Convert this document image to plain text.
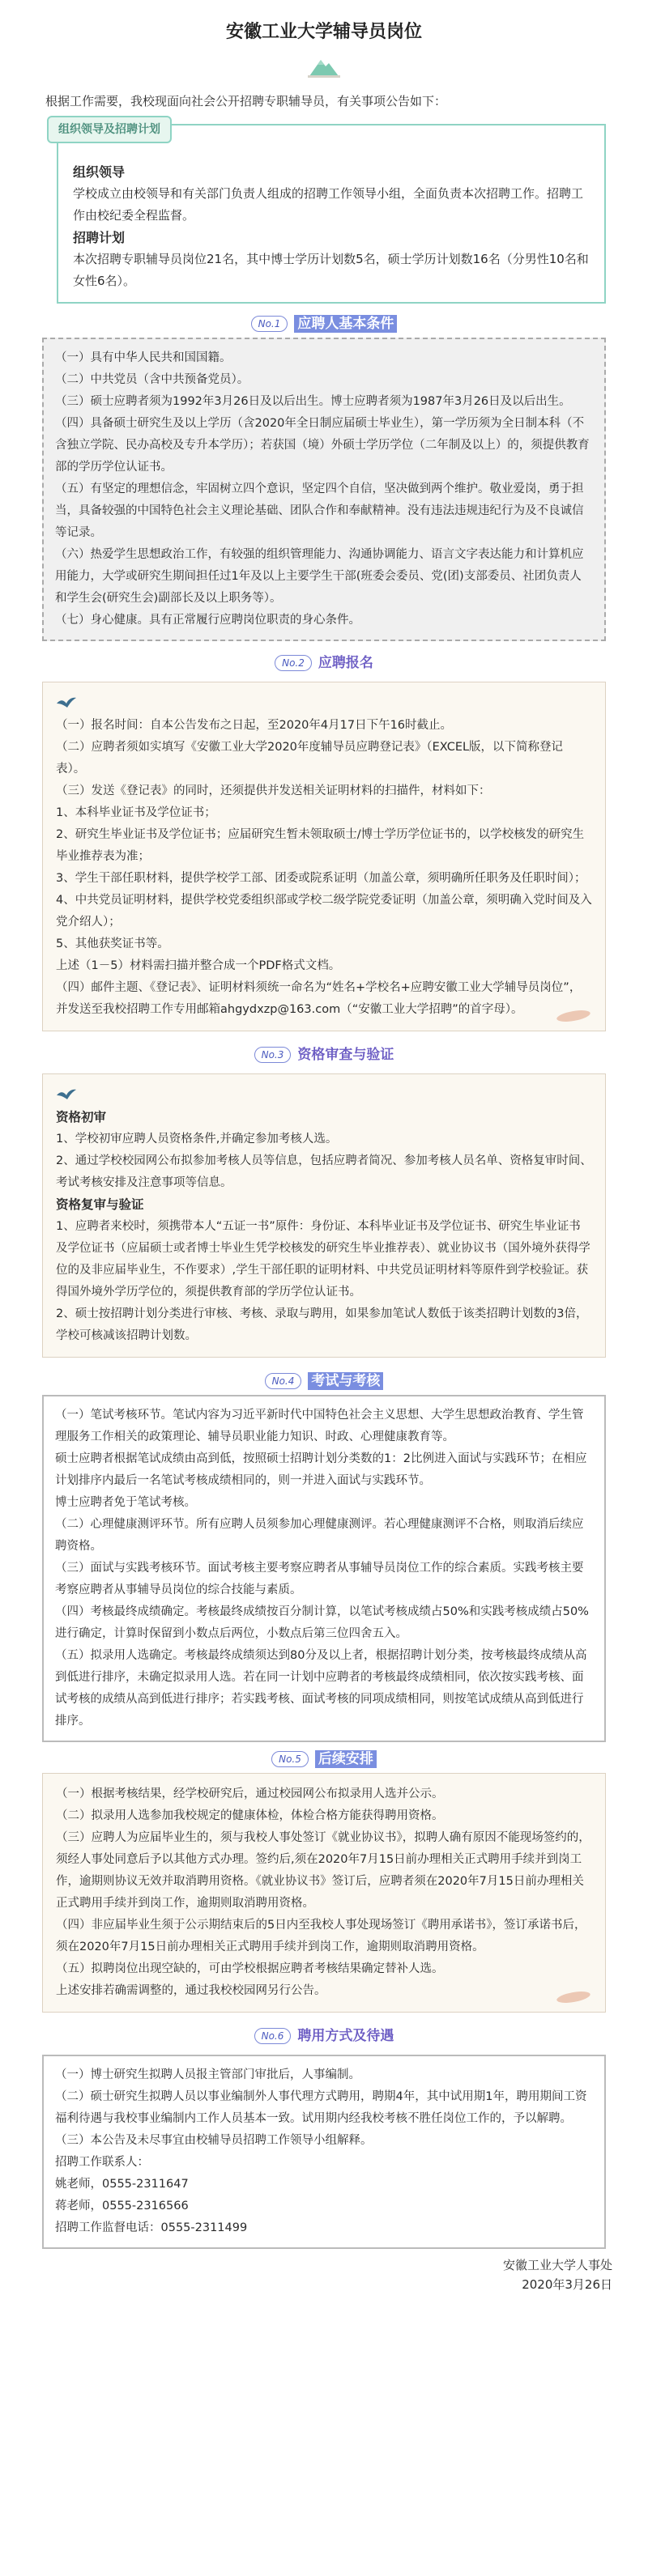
安徽工业大学辅导员岗位
根据工作需要，我校现面向社会公开招聘专职辅导员，有关事项公告如下：
组织领导及招聘计划
组织领导
学校成立由校领导和有关部门负责人组成的招聘工作领导小组，全面负责本次招聘工作。招聘工作由校纪委全程监督。
招聘计划
本次招聘专职辅导员岗位21名，其中博士学历计划数5名，硕士学历计划数16名（分男性10名和女性6名）。
No.1	应聘人基本条件
（一）具有中华人民共和国国籍。
（二）中共党员（含中共预备党员）。
（三）硕士应聘者须为1992年3月26日及以后出生。博士应聘者须为1987年3月26日及以后出生。
（四）具备硕士研究生及以上学历（含2020年全日制应届硕士毕业生），第一学历须为全日制本科（不含独立学院、民办高校及专升本学历）；若获国（境）外硕士学历学位（二年制及以上）的，须提供教育部的学历学位认证书。
（五）有坚定的理想信念，牢固树立四个意识，坚定四个自信，坚决做到两个维护。敬业爱岗，勇于担当，具备较强的中国特色社会主义理论基础、团队合作和奉献精神。没有违法违规违纪行为及不良诚信等记录。
（六）热爱学生思想政治工作，有较强的组织管理能力、沟通协调能力、语言文字表达能力和计算机应用能力，大学或研究生期间担任过1年及以上主要学生干部(班委会委员、党(团)支部委员、社团负责人和学生会(研究生会)副部长及以上职务等）。
（七）身心健康。具有正常履行应聘岗位职责的身心条件。
No.2	应聘报名
（一）报名时间：自本公告发布之日起，至2020年4月17日下午16时截止。
（二）应聘者须如实填写《安徽工业大学2020年度辅导员应聘登记表》（EXCEL版，以下简称登记表）。
（三）发送《登记表》的同时，还须提供并发送相关证明材料的扫描件，材料如下：
1、本科毕业证书及学位证书；
2、研究生毕业证书及学位证书；应届研究生暂未领取硕士/博士学历学位证书的，以学校核发的研究生毕业推荐表为准；
3、学生干部任职材料，提供学校学工部、团委或院系证明（加盖公章，须明确所任职务及任职时间）；
4、中共党员证明材料，提供学校党委组织部或学校二级学院党委证明（加盖公章，须明确入党时间及入党介绍人）；
5、其他获奖证书等。
上述（1－5）材料需扫描并整合成一个PDF格式文档。
（四）邮件主题、《登记表》、证明材料须统一命名为“姓名+学校名+应聘安徽工业大学辅导员岗位”，并发送至我校招聘工作专用邮箱ahgydxzp@163.com（“安徽工业大学招聘”的首字母）。
No.3	资格审查与验证
资格初审
1、学校初审应聘人员资格条件,并确定参加考核人选。
2、通过学校校园网公布拟参加考核人员等信息，包括应聘者简况、参加考核人员名单、资格复审时间、考试考核安排及注意事项等信息。
资格复审与验证
1、应聘者来校时，须携带本人“五证一书”原件：身份证、本科毕业证书及学位证书、研究生毕业证书及学位证书（应届硕士或者博士毕业生凭学校核发的研究生毕业推荐表）、就业协议书（国外境外获得学位的及非应届毕业生，不作要求）,学生干部任职的证明材料、中共党员证明材料等原件到学校验证。获得国外境外学历学位的，须提供教育部的学历学位认证书。
2、硕士按招聘计划分类进行审核、考核、录取与聘用，如果参加笔试人数低于该类招聘计划数的3倍，学校可核减该招聘计划数。
No.4	考试与考核
（一）笔试考核环节。笔试内容为习近平新时代中国特色社会主义思想、大学生思想政治教育、学生管理服务工作相关的政策理论、辅导员职业能力知识、时政、心理健康教育等。
硕士应聘者根据笔试成绩由高到低，按照硕士招聘计划分类数的1：2比例进入面试与实践环节；在相应计划排序内最后一名笔试考核成绩相同的，则一并进入面试与实践环节。
博士应聘者免于笔试考核。
（二）心理健康测评环节。所有应聘人员须参加心理健康测评。若心理健康测评不合格，则取消后续应聘资格。
（三）面试与实践考核环节。面试考核主要考察应聘者从事辅导员岗位工作的综合素质。实践考核主要考察应聘者从事辅导员岗位的综合技能与素质。
（四）考核最终成绩确定。考核最终成绩按百分制计算，以笔试考核成绩占50%和实践考核成绩占50%进行确定，计算时保留到小数点后两位，小数点后第三位四舍五入。
（五）拟录用人选确定。考核最终成绩须达到80分及以上者，根据招聘计划分类，按考核最终成绩从高到低进行排序，未确定拟录用人选。若在同一计划中应聘者的考核最终成绩相同，依次按实践考核、面试考核的成绩从高到低进行排序；若实践考核、面试考核的同项成绩相同，则按笔试成绩从高到低进行排序。
No.5	后续安排
（一）根据考核结果，经学校研究后，通过校园网公布拟录用人选并公示。
（二）拟录用人选参加我校规定的健康体检，体检合格方能获得聘用资格。
（三）应聘人为应届毕业生的，须与我校人事处签订《就业协议书》，拟聘人确有原因不能现场签约的，须经人事处同意后予以其他方式办理。签约后,须在2020年7月15日前办理相关正式聘用手续并到岗工作，逾期则协议无效并取消聘用资格。《就业协议书》签订后，应聘者须在2020年7月15日前办理相关正式聘用手续并到岗工作，逾期则取消聘用资格。
（四）非应届毕业生须于公示期结束后的5日内至我校人事处现场签订《聘用承诺书》，签订承诺书后，须在2020年7月15日前办理相关正式聘用手续并到岗工作，逾期则取消聘用资格。
（五）拟聘岗位出现空缺的，可由学校根据应聘者考核结果确定替补人选。
上述安排若确需调整的，通过我校校园网另行公告。
No.6	聘用方式及待遇
（一）博士研究生拟聘人员报主管部门审批后，人事编制。
（二）硕士研究生拟聘人员以事业编制外人事代理方式聘用，聘期4年，其中试用期1年，聘用期间工资福利待遇与我校事业编制内工作人员基本一致。试用期内经我校考核不胜任岗位工作的，予以解聘。
（三）本公告及未尽事宜由校辅导员招聘工作领导小组解释。
招聘工作联系人：
姚老师，0555-2311647
蒋老师，0555-2316566
招聘工作监督电话：0555-2311499
安徽工业大学人事处
2020年3月26日
